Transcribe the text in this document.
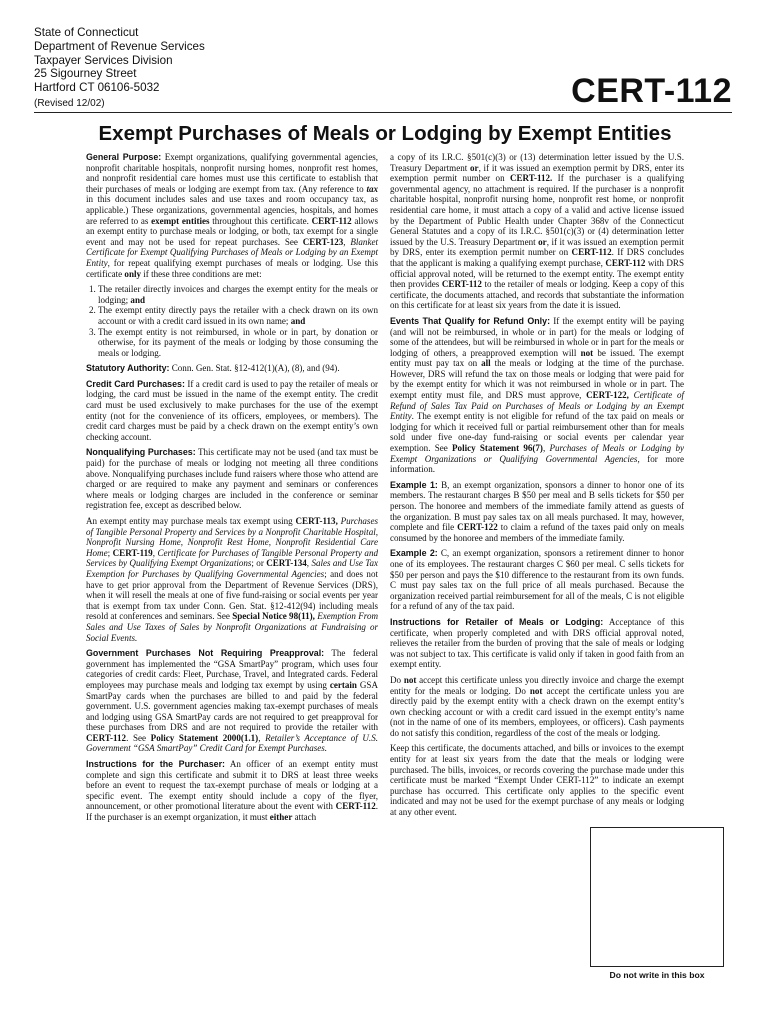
State of Connecticut
Department of Revenue Services
Taxpayer Services Division
25 Sigourney Street
Hartford CT 06106-5032
(Revised 12/02)	CERT-112
Exempt Purchases of Meals or Lodging by Exempt Entities

General Purpose: Exempt organizations, qualifying governmental agencies, nonprofit charitable hospitals, nonprofit nursing homes, nonprofit rest homes, and nonprofit residential care homes must use this certificate to establish that their purchases of meals or lodging are exempt from tax. (Any reference to tax in this document includes sales and use taxes and room occupancy tax, as applicable.) These organizations, governmental agencies, hospitals, and homes are referred to as exempt entities throughout this certificate. CERT-112 allows an exempt entity to purchase meals or lodging, or both, tax exempt for a single event and may not be used for repeat purchases. See CERT-123, Blanket Certificate for Exempt Qualifying Purchases of Meals or Lodging by an Exempt Entity, for repeat qualifying exempt purchases of meals or lodging. Use this certificate only if these three conditions are met:

1. The retailer directly invoices and charges the exempt entity for the meals or lodging; and
2. The exempt entity directly pays the retailer with a check drawn on its own account or with a credit card issued in its own name; and
3. The exempt entity is not reimbursed, in whole or in part, by donation or otherwise, for its payment of the meals or lodging by those consuming the meals or lodging.

Statutory Authority: Conn. Gen. Stat. §12-412(1)(A), (8), and (94).

Credit Card Purchases: If a credit card is used to pay the retailer of meals or lodging, the card must be issued in the name of the exempt entity. The credit card must be used exclusively to make purchases for the use of the exempt entity (not for the convenience of its officers, employees, or members). The credit card charges must be paid by a check drawn on the exempt entity’s own checking account.

Nonqualifying Purchases: This certificate may not be used (and tax must be paid) for the purchase of meals or lodging not meeting all three conditions above. Nonqualifying purchases include fund raisers where those who attend are charged or are required to make any payment and seminars or conferences where meals or lodging charges are included in the conference or seminar registration fee, except as described below.

An exempt entity may purchase meals tax exempt using CERT-113, Purchases of Tangible Personal Property and Services by a Nonprofit Charitable Hospital, Nonprofit Nursing Home, Nonprofit Rest Home, Nonprofit Residential Care Home; CERT-119, Certificate for Purchases of Tangible Personal Property and Services by Qualifying Exempt Organizations; or CERT-134, Sales and Use Tax Exemption for Purchases by Qualifying Governmental Agencies; and does not have to get prior approval from the Department of Revenue Services (DRS), when it will resell the meals at one of five fund-raising or social events per year that is exempt from tax under Conn. Gen. Stat. §12-412(94) including meals resold at conferences and seminars. See Special Notice 98(11), Exemption From Sales and Use Taxes of Sales by Nonprofit Organizations at Fundraising or Social Events.

Government Purchases Not Requiring Preapproval: The federal government has implemented the “GSA SmartPay” program, which uses four categories of credit cards: Fleet, Purchase, Travel, and Integrated cards. Federal employees may purchase meals and lodging tax exempt by using certain GSA SmartPay cards when the purchases are billed to and paid by the federal government. U.S. government agencies making tax-exempt purchases of meals and lodging using GSA SmartPay cards are not required to get preapproval for these purchases from DRS and are not required to provide the retailer with CERT-112. See Policy Statement 2000(1.1), Retailer’s Acceptance of U.S. Government “GSA SmartPay” Credit Card for Exempt Purchases.

Instructions for the Purchaser: An officer of an exempt entity must complete and sign this certificate and submit it to DRS at least three weeks before an event to request the tax-exempt purchase of meals or lodging at a specific event. The exempt entity should include a copy of the flyer, announcement, or other promotional literature about the event with CERT-112. If the purchaser is an exempt organization, it must either attach

a copy of its I.R.C. §501(c)(3) or (13) determination letter issued by the U.S. Treasury Department or, if it was issued an exemption permit by DRS, enter its exemption permit number on CERT-112. If the purchaser is a qualifying governmental agency, no attachment is required. If the purchaser is a nonprofit charitable hospital, nonprofit nursing home, nonprofit rest home, or nonprofit residential care home, it must attach a copy of a valid and active license issued by the Department of Public Health under Chapter 368v of the Connecticut General Statutes and a copy of its I.R.C. §501(c)(3) or (4) determination letter issued by the U.S. Treasury Department or, if it was issued an exemption permit by DRS, enter its exemption permit number on CERT-112. If DRS concludes that the applicant is making a qualifying exempt purchase, CERT-112 with DRS official approval noted, will be returned to the exempt entity. The exempt entity then provides CERT-112 to the retailer of meals or lodging. Keep a copy of this certificate, the documents attached, and records that substantiate the information on this certificate for at least six years from the date it is issued.

Events That Qualify for Refund Only: If the exempt entity will be paying (and will not be reimbursed, in whole or in part) for the meals or lodging of some of the attendees, but will be reimbursed in whole or in part for the meals or lodging of others, a preapproved exemption will not be issued. The exempt entity must pay tax on all the meals or lodging at the time of the purchase. However, DRS will refund the tax on those meals or lodging that were paid for by the exempt entity for which it was not reimbursed in whole or in part. The exempt entity must file, and DRS must approve, CERT-122, Certificate of Refund of Sales Tax Paid on Purchases of Meals or Lodging by an Exempt Entity. The exempt entity is not eligible for refund of the tax paid on meals or lodging for which it received full or partial reimbursement other than for meals sold under five one-day fund-raising or social events per calendar year exemption. See Policy Statement 96(7), Purchases of Meals or Lodging by Exempt Organizations or Qualifying Governmental Agencies, for more information.

Example 1: B, an exempt organization, sponsors a dinner to honor one of its members. The restaurant charges B $50 per meal and B sells tickets for $50 per person. The honoree and members of the immediate family attend as guests of the organization. B must pay sales tax on all meals purchased. It may, however, complete and file CERT-122 to claim a refund of the taxes paid only on meals consumed by the honoree and members of the immediate family.

Example 2: C, an exempt organization, sponsors a retirement dinner to honor one of its employees. The restaurant charges C $60 per meal. C sells tickets for $50 per person and pays the $10 difference to the restaurant from its own funds. C must pay sales tax on the full price of all meals purchased. Because the organization received partial reimbursement for all of the meals, C is not eligible for a refund of any of the tax paid.

Instructions for Retailer of Meals or Lodging: Acceptance of this certificate, when properly completed and with DRS official approval noted, relieves the retailer from the burden of proving that the sale of meals or lodging was not subject to tax. This certificate is valid only if taken in good faith from an exempt entity.

Do not accept this certificate unless you directly invoice and charge the exempt entity for the meals or lodging. Do not accept the certificate unless you are directly paid by the exempt entity with a check drawn on the exempt entity’s own checking account or with a credit card issued in the exempt entity’s name (not in the name of one of its members, employees, or officers). Cash payments do not satisfy this condition, regardless of the cost of the meals or lodging.

Keep this certificate, the documents attached, and bills or invoices to the exempt entity for at least six years from the date that the meals or lodging were purchased. The bills, invoices, or records covering the purchase made under this certificate must be marked “Exempt Under CERT-112” to indicate an exempt purchase has occurred. This certificate only applies to the specific event indicated and may not be used for the exempt purchase of any meals or lodging at any other event.

Do not write in this box
